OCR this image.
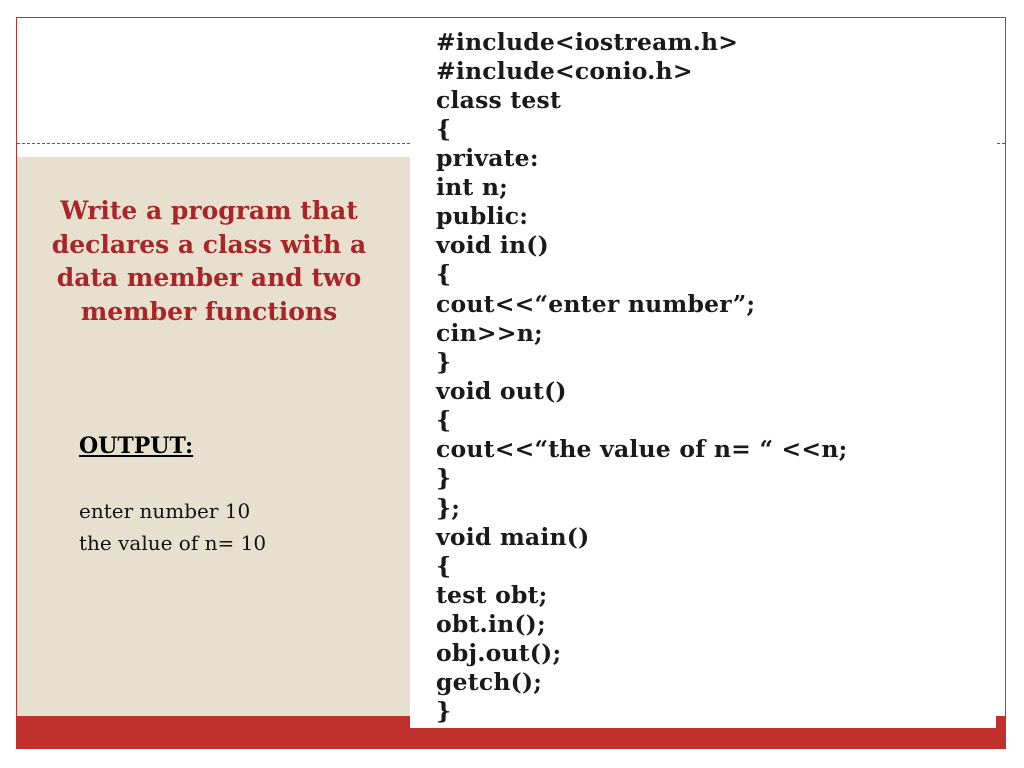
Write a program that declares a class with a data member and two member functions
OUTPUT:
enter number 10
the value of n= 10
#include<iostream.h>
#include<conio.h>
class test
{
private:
int n;
public:
void in()
{
cout<<“enter number”;
cin>>n;
}
void out()
{
cout<<“the value of n= “ <<n;
}
};
void main()
{
test obt;
obt.in();
obj.out();
getch();
}
